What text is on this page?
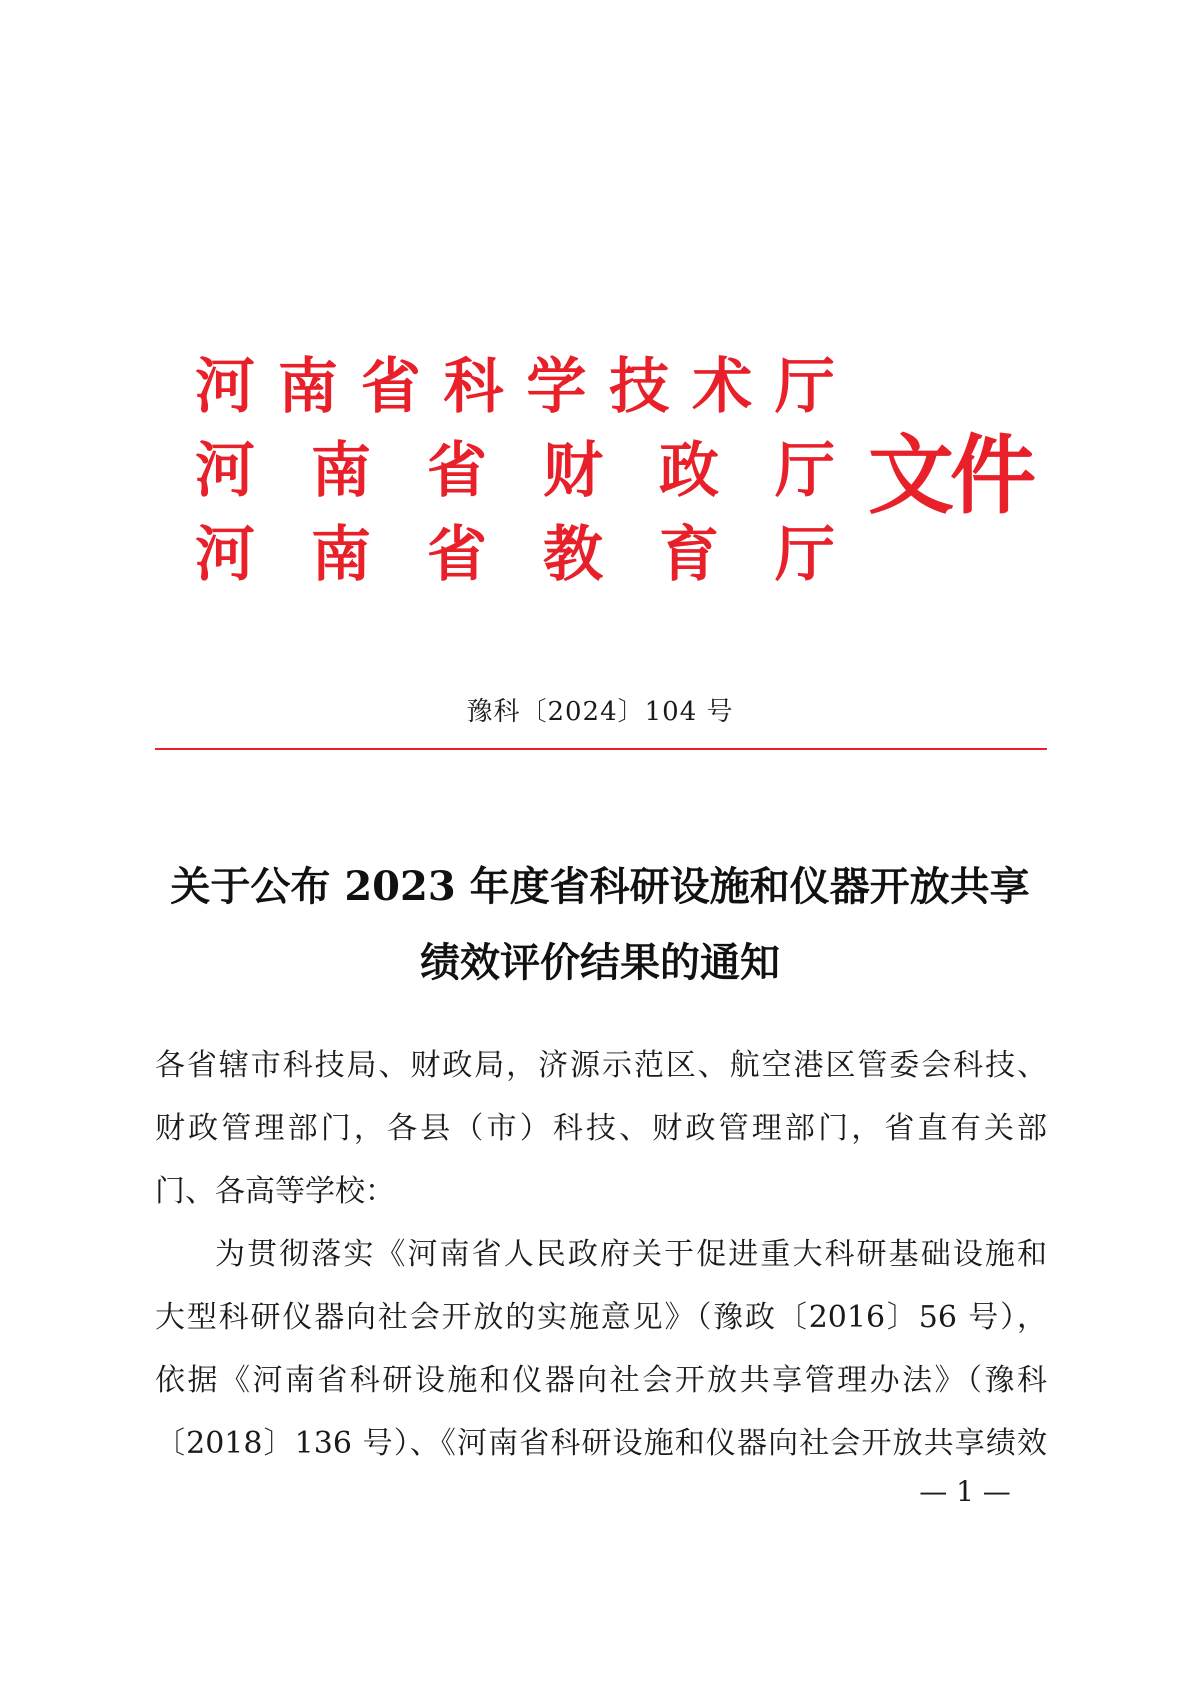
河 南 省 科 学 技 术 厅
河 南 省 财 政 厅
河 南 省 教 育 厅
文件
豫科〔2024〕104 号
关于公布 2023 年度省科研设施和仪器开放共享
绩效评价结果的通知
各省辖市科技局、财政局，济源示范区、航空港区管委会科技、
财政管理部门，各县（市）科技、财政管理部门，省直有关部
门、各高等学校：
为贯彻落实《河南省人民政府关于促进重大科研基础设施和
大型科研仪器向社会开放的实施意见》（豫政〔2016〕56 号），
依据《河南省科研设施和仪器向社会开放共享管理办法》（豫科
〔2018〕136 号）、《河南省科研设施和仪器向社会开放共享绩效
— 1 —
